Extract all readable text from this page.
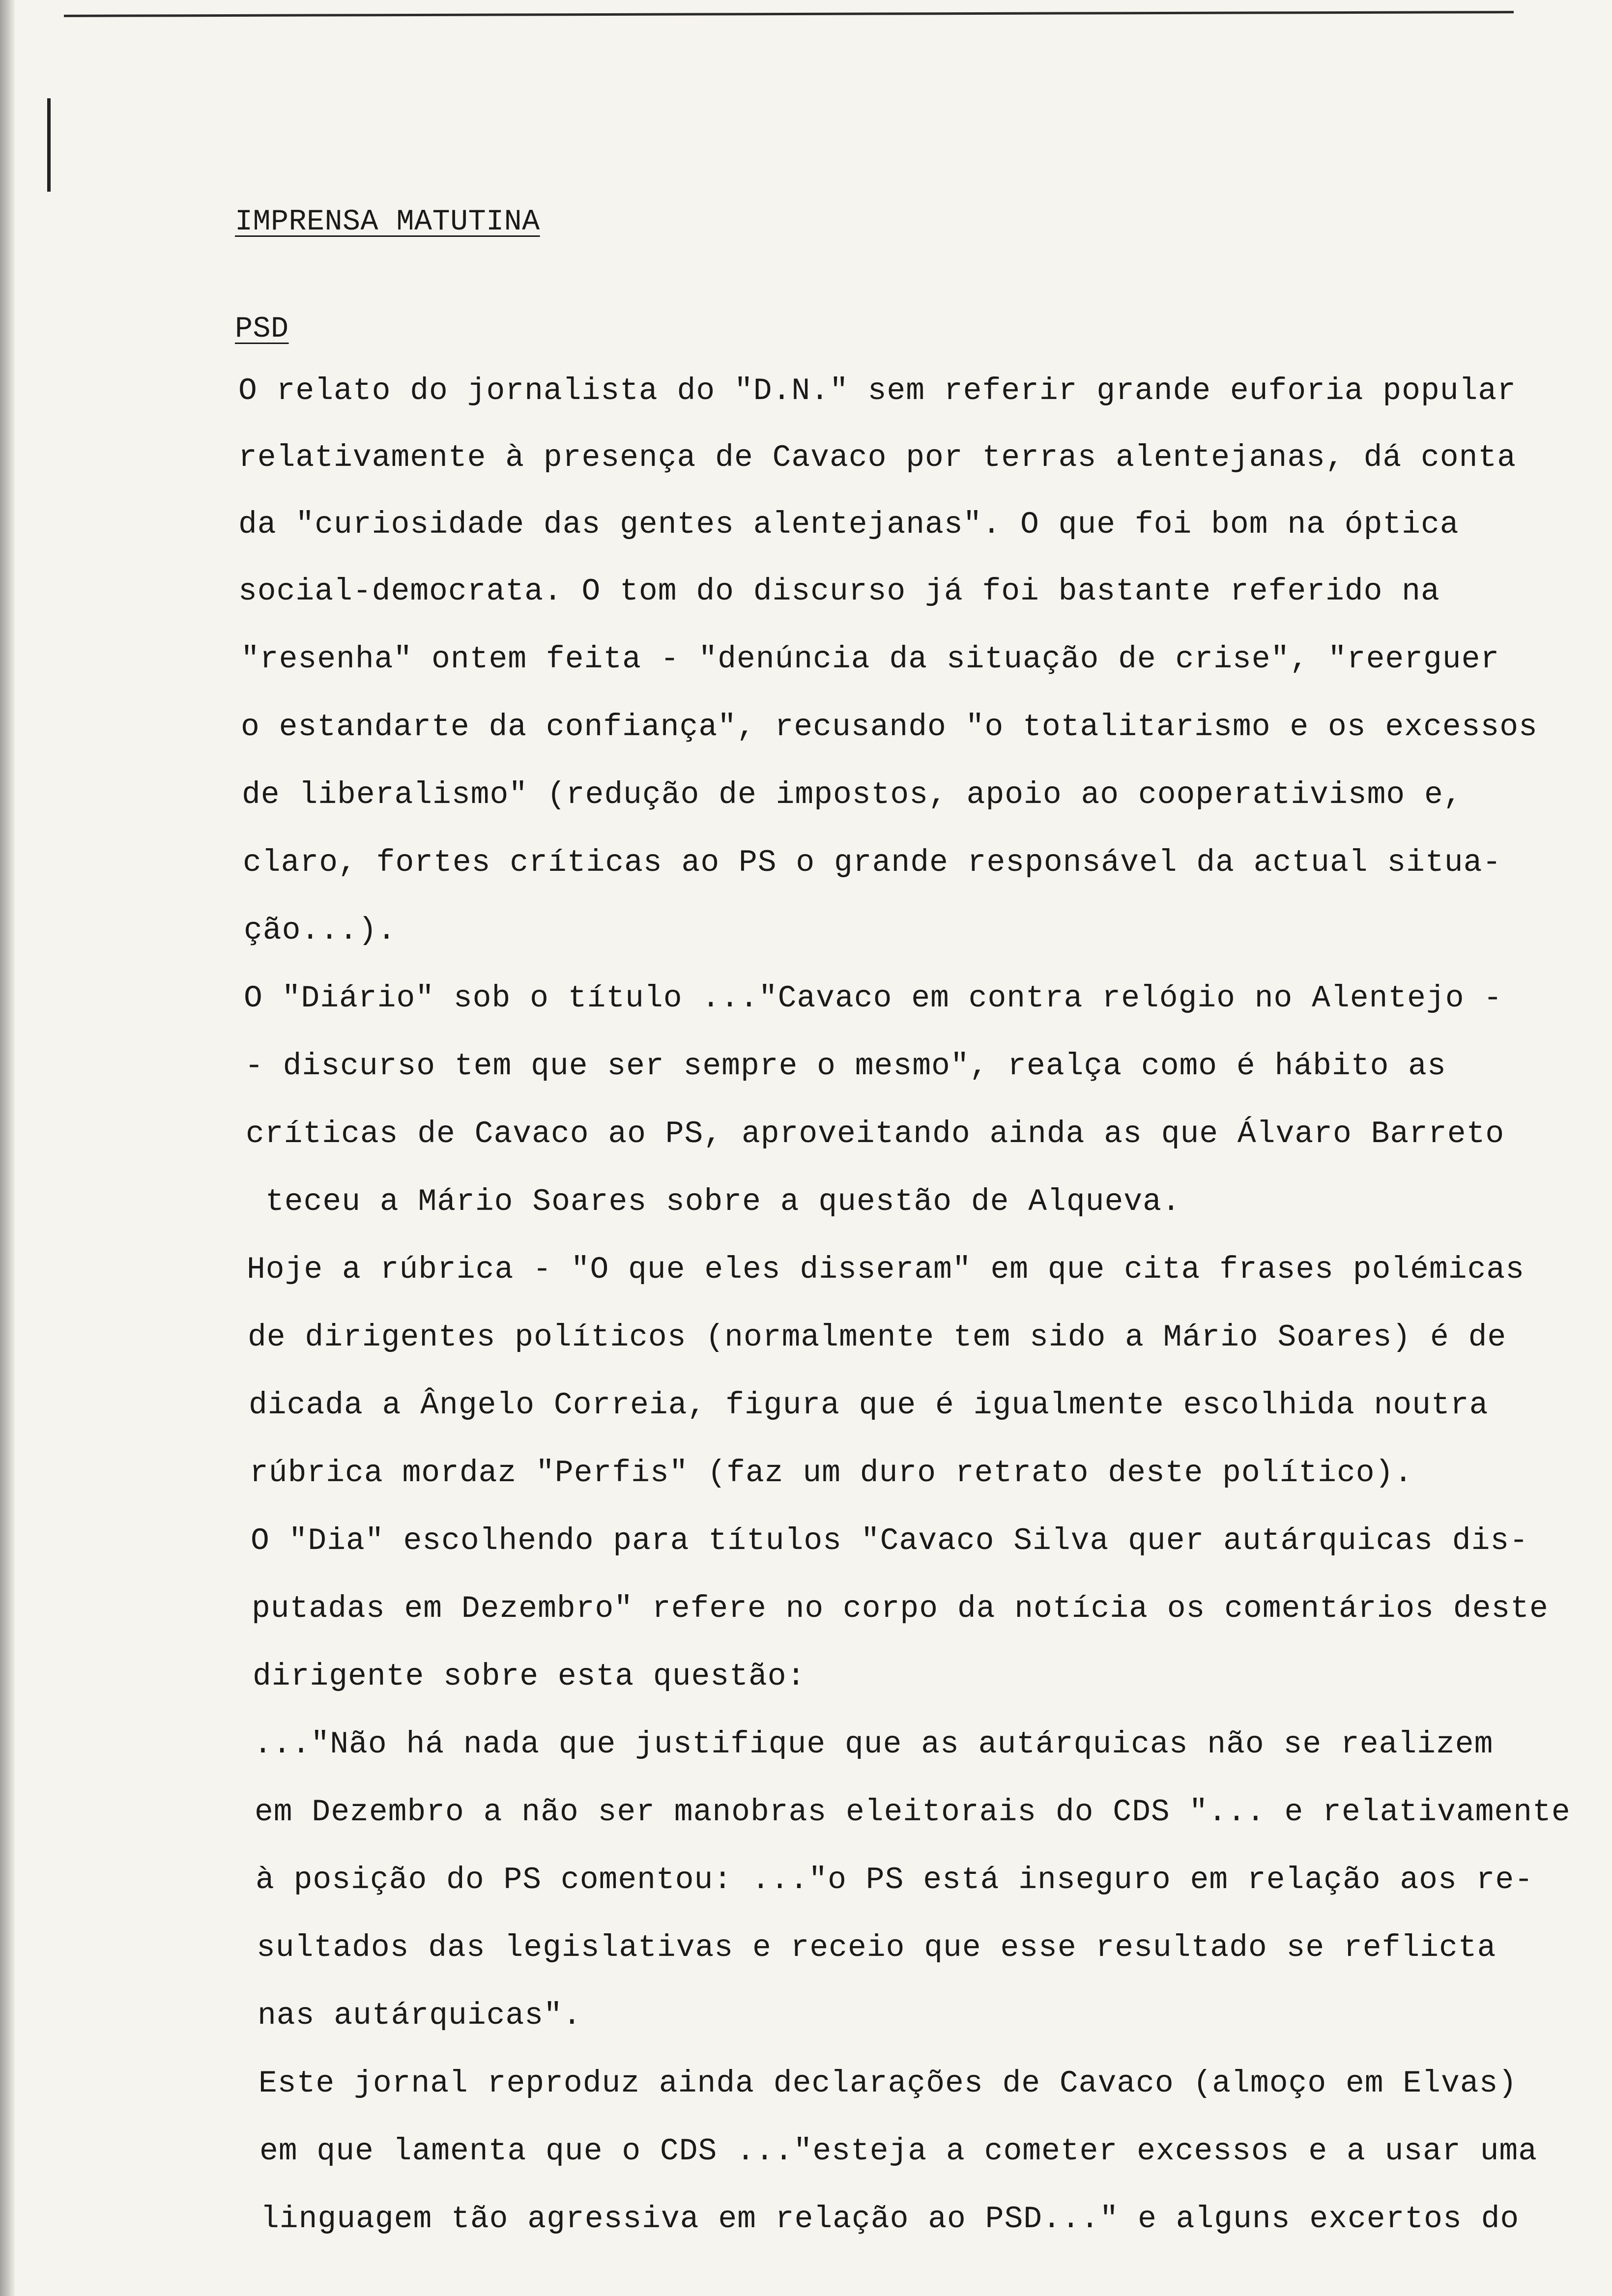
IMPRENSA MATUTINA
PSD
O relato do jornalista do "D.N." sem referir grande euforia popular
relativamente à presença de Cavaco por terras alentejanas, dá conta
da "curiosidade das gentes alentejanas". O que foi bom na óptica
social-democrata. O tom do discurso já foi bastante referido na
"resenha" ontem feita - "denúncia da situação de crise", "reerguer
o estandarte da confiança", recusando "o totalitarismo e os excessos
de liberalismo" (redução de impostos, apoio ao cooperativismo e,
claro, fortes críticas ao PS o grande responsável da actual situa-
ção...).
O "Diário" sob o título ..."Cavaco em contra relógio no Alentejo -
- discurso tem que ser sempre o mesmo", realça como é hábito as
críticas de Cavaco ao PS, aproveitando ainda as que Álvaro Barreto
teceu a Mário Soares sobre a questão de Alqueva.
Hoje a rúbrica - "O que eles disseram" em que cita frases polémicas
de dirigentes políticos (normalmente tem sido a Mário Soares) é de
dicada a Ângelo Correia, figura que é igualmente escolhida noutra
rúbrica mordaz "Perfis" (faz um duro retrato deste político).
O "Dia" escolhendo para títulos "Cavaco Silva quer autárquicas dis-
putadas em Dezembro" refere no corpo da notícia os comentários deste
dirigente sobre esta questão:
..."Não há nada que justifique que as autárquicas não se realizem
em Dezembro a não ser manobras eleitorais do CDS "... e relativamente
à posição do PS comentou: ..."o PS está inseguro em relação aos re-
sultados das legislativas e receio que esse resultado se reflicta
nas autárquicas".
Este jornal reproduz ainda declarações de Cavaco (almoço em Elvas)
em que lamenta que o CDS ..."esteja a cometer excessos e a usar uma
linguagem tão agressiva em relação ao PSD..." e alguns excertos do
